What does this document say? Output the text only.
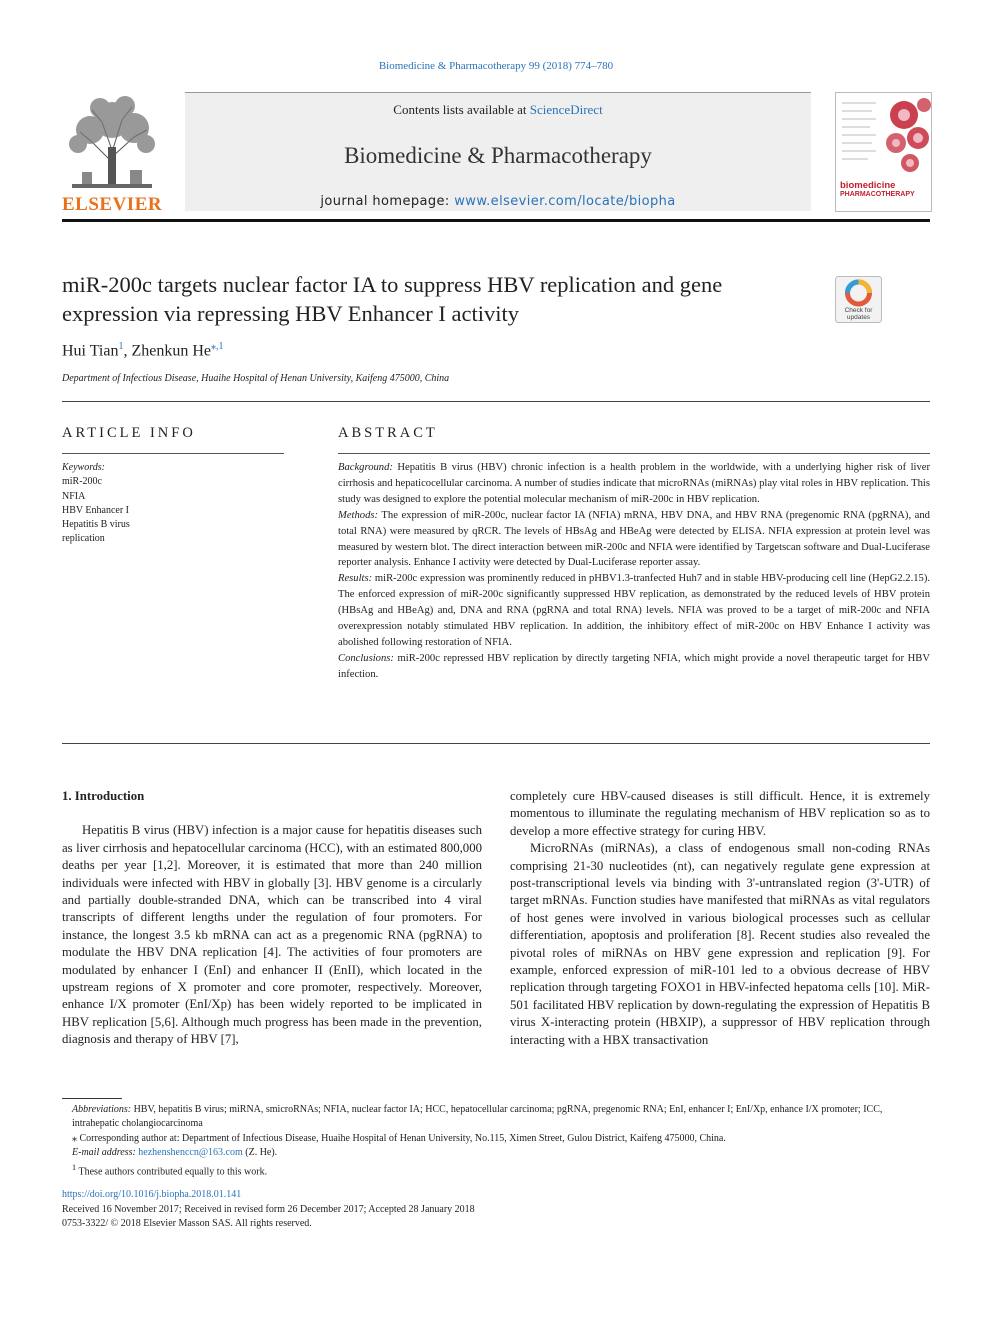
Biomedicine & Pharmacotherapy 99 (2018) 774–780
ELSEVIER
Contents lists available at ScienceDirect
Biomedicine & Pharmacotherapy
journal homepage: www.elsevier.com/locate/biopha
biomedicine
PHARMACOTHERAPY
miR-200c targets nuclear factor IA to suppress HBV replication and gene expression via repressing HBV Enhancer I activity	Check for
updates
Hui Tian$^1$, Zhenkun $He^{⁎,1}$
Department of Infectious Disease, Huaihe Hospital of Henan University, Kaifeng 475000, China
ARTICLE INFO	ABSTRACT
Keywords:
miR-200c
NFIA
HBV Enhancer I
Hepatitis B virus
replication

Background: Hepatitis B virus (HBV) chronic infection is a health problem in the worldwide, with a underlying higher risk of liver cirrhosis and hepaticocellular carcinoma. A number of studies indicate that microRNAs (miRNAs) play vital roles in HBV replication. This study was designed to explore the potential molecular mechanism of miR-200c in HBV replication.

Methods: The expression of miR-200c, nuclear factor IA (NFIA) mRNA, HBV DNA, and HBV RNA (pregenomic RNA (pgRNA), and total RNA) were measured by qRCR. The levels of HBsAg and HBeAg were detected by ELISA. NFIA expression at protein level was measured by western blot. The direct interaction between miR-200c and NFIA were identified by Targetscan software and Dual-Luciferase reporter analysis. Enhance I activity were detected by Dual-Luciferase reporter assay.

Results: miR-200c expression was prominently reduced in pHBV1.3-tranfected Huh7 and in stable HBV-producing cell line (HepG2.2.15). The enforced expression of miR-200c significantly suppressed HBV replication, as demonstrated by the reduced levels of HBV protein (HBsAg and HBeAg) and, DNA and RNA (pgRNA and total RNA) levels. NFIA was proved to be a target of miR-200c and NFIA overexpression notably stimulated HBV replication. In addition, the inhibitory effect of miR-200c on HBV Enhance I activity was abolished following restoration of NFIA.

Conclusions: miR-200c repressed HBV replication by directly targeting NFIA, which might provide a novel therapeutic target for HBV infection.

1. Introduction

Hepatitis B virus (HBV) infection is a major cause for hepatitis diseases such as liver cirrhosis and hepatocellular carcinoma (HCC), with an estimated 800,000 deaths per year [1,2]. Moreover, it is estimated that more than 240 million individuals were infected with HBV in globally [3]. HBV genome is a circularly and partially double-stranded DNA, which can be transcribed into 4 viral transcripts of different lengths under the regulation of four promoters. For instance, the longest 3.5 kb mRNA can act as a pregenomic RNA (pgRNA) to modulate the HBV DNA replication [4]. The activities of four promoters are modulated by enhancer I (EnI) and enhancer II (EnII), which located in the upstream regions of X promoter and core promoter, respectively. Moreover, enhance I/X promoter (EnI/Xp) has been widely reported to be implicated in HBV replication [5,6]. Although much progress has been made in the prevention, diagnosis and therapy of HBV [7],

completely cure HBV-caused diseases is still difficult. Hence, it is extremely momentous to illuminate the regulating mechanism of HBV replication so as to develop a more effective strategy for curing HBV.

MicroRNAs (miRNAs), a class of endogenous small non-coding RNAs comprising 21-30 nucleotides (nt), can negatively regulate gene expression at post-transcriptional levels via binding with 3'-untranslated region (3'-UTR) of target mRNAs. Function studies have manifested that miRNAs as vital regulators of host genes were involved in various biological processes such as cellular differentiation, apoptosis and proliferation [8]. Recent studies also revealed the pivotal roles of miRNAs on HBV gene expression and replication [9]. For example, enforced expression of miR-101 led to a obvious decrease of HBV replication through targeting FOXO1 in HBV-infected hepatoma cells [10]. MiR-501 facilitated HBV replication by down-regulating the expression of Hepatitis B virus X-interacting protein (HBXIP), a suppressor of HBV replication through interacting with a HBX transactivation

Abbreviations: HBV, hepatitis B virus; miRNA, smicroRNAs; NFIA, nuclear factor IA; HCC, hepatocellular carcinoma; pgRNA, pregenomic RNA; EnI, enhancer I; EnI/Xp, enhance I/X promoter; ICC, intrahepatic cholangiocarcinoma

⁎ Corresponding author at: Department of Infectious Disease, Huaihe Hospital of Henan University, No.115, Ximen Street, Gulou District, Kaifeng 475000, China.

E-mail address: hezhenshenccn@163.com (Z. He).

$^1$ These authors contributed equally to this work.

https://doi.org/10.1016/j.biopha.2018.01.141

Received 16 November 2017; Received in revised form 26 December 2017; Accepted 28 January 2018

0753-3322/ © 2018 Elsevier Masson SAS. All rights reserved.
